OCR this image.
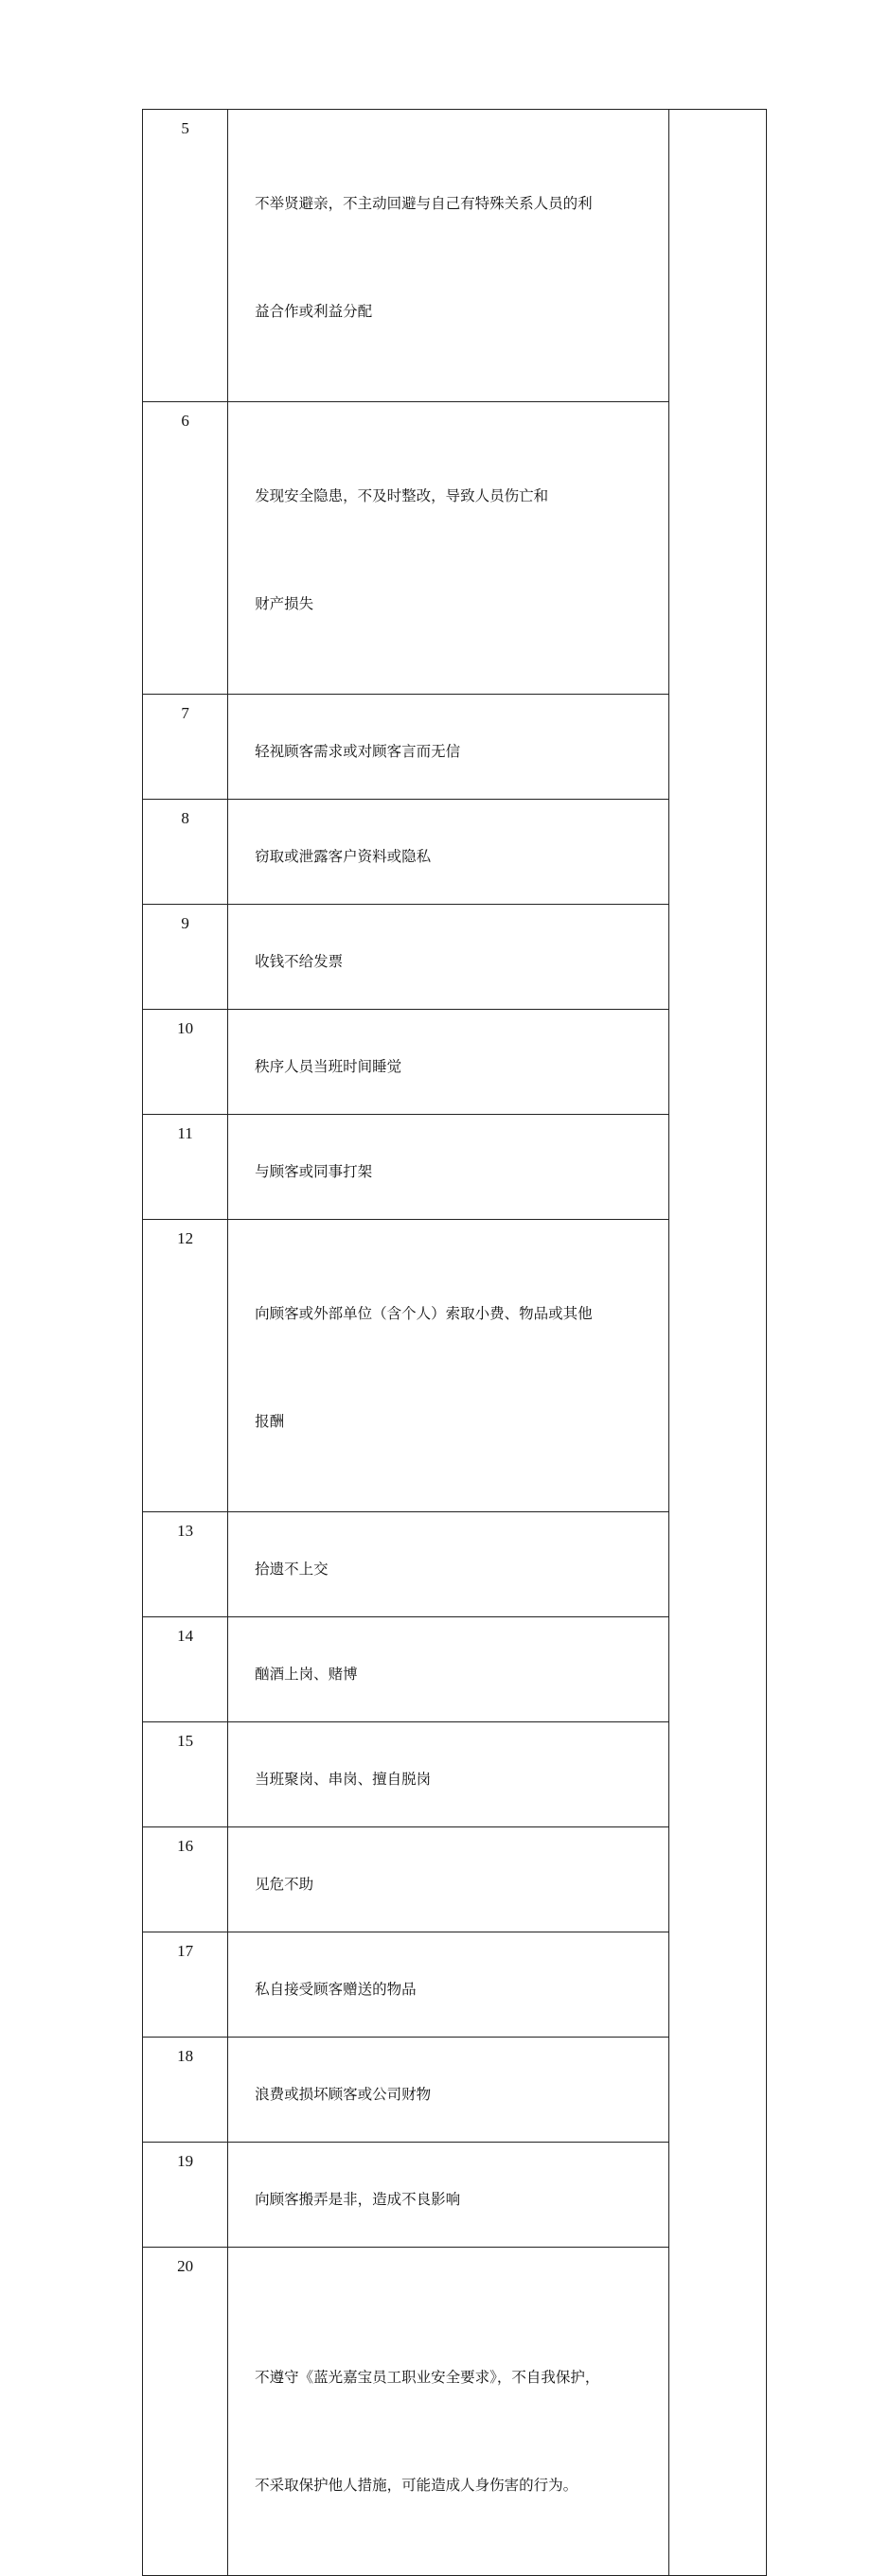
5	不举贤避亲，不主动回避与自己有特殊关系人员的利

益合作或利益分配	

6	发现安全隐患，不及时整改，导致人员伤亡和

财产损失	

7	轻视顾客需求或对顾客言而无信	

8	窃取或泄露客户资料或隐私	

9	收钱不给发票	

10	秩序人员当班时间睡觉	

11	与顾客或同事打架	

12	向顾客或外部单位（含个人）索取小费、物品或其他

报酬	

13	拾遗不上交	

14	酗酒上岗、赌博	

15	当班聚岗、串岗、擅自脱岗	

16	见危不助	

17	私自接受顾客赠送的物品	

18	浪费或损坏顾客或公司财物	

19	向顾客搬弄是非，造成不良影响	

20	不遵守《蓝光嘉宝员工职业安全要求》，不自我保护，

不采取保护他人措施，可能造成人身伤害的行为。	
